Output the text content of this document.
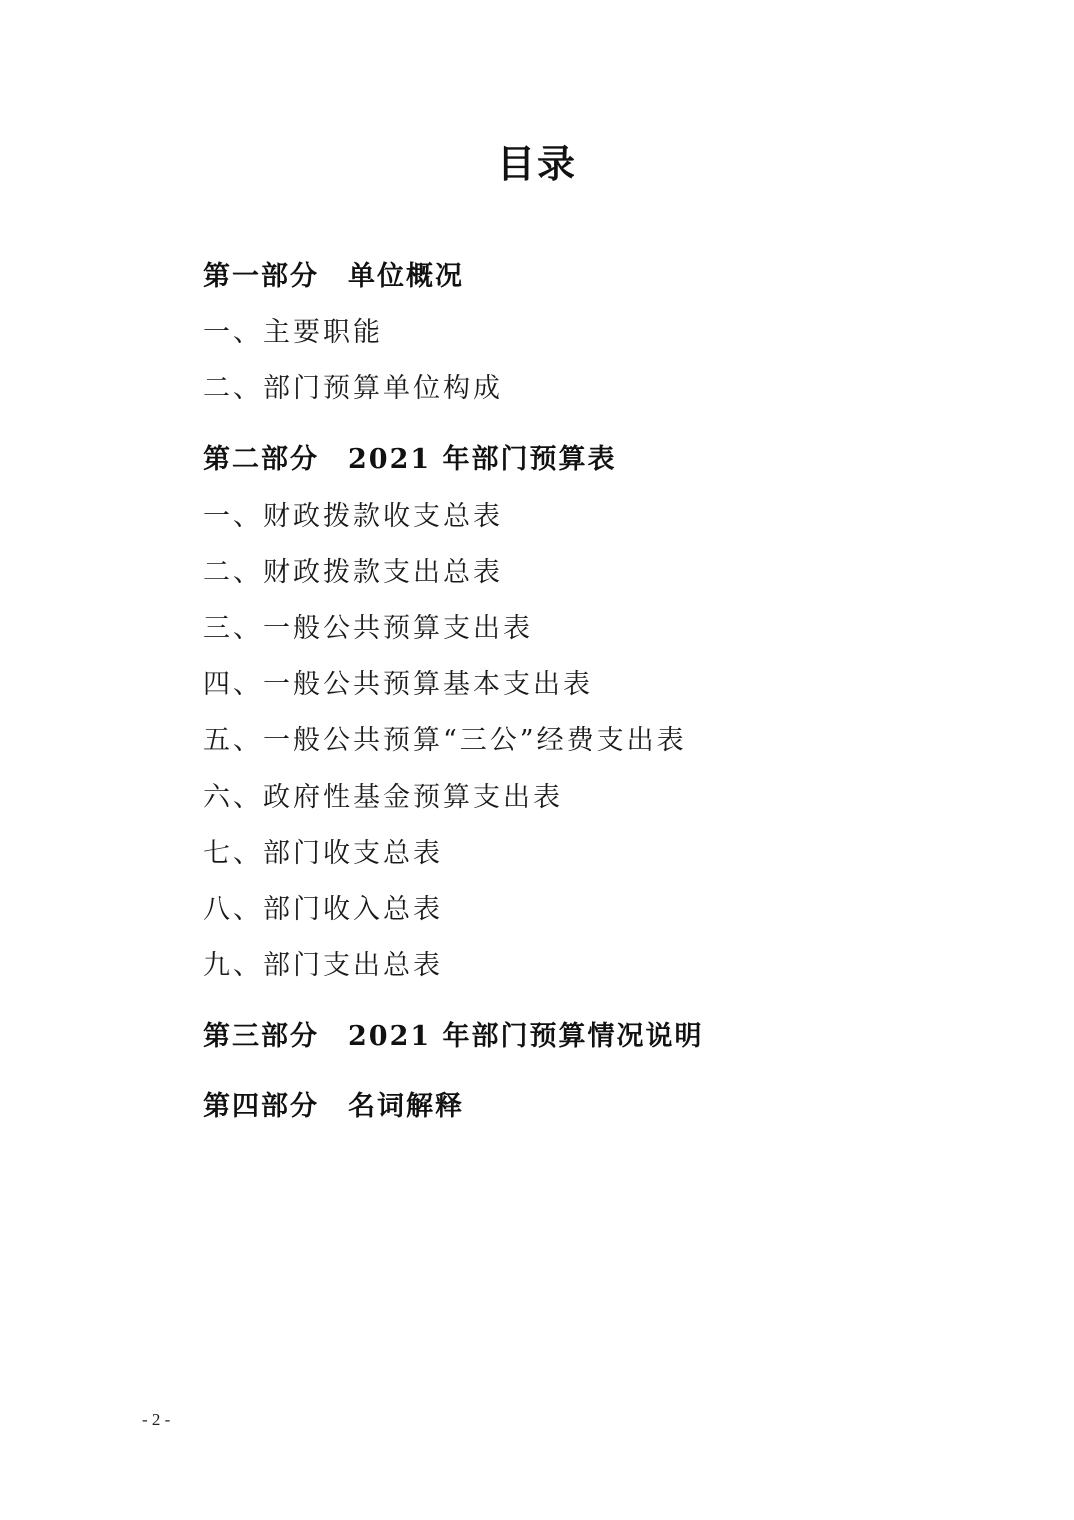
目录
第一部分　单位概况
一、主要职能
二、部门预算单位构成
第二部分　2021 年部门预算表
一、财政拨款收支总表
二、财政拨款支出总表
三、一般公共预算支出表
四、一般公共预算基本支出表
五、一般公共预算“三公”经费支出表
六、政府性基金预算支出表
七、部门收支总表
八、部门收入总表
九、部门支出总表
第三部分　2021 年部门预算情况说明
第四部分　名词解释
- 2 -
